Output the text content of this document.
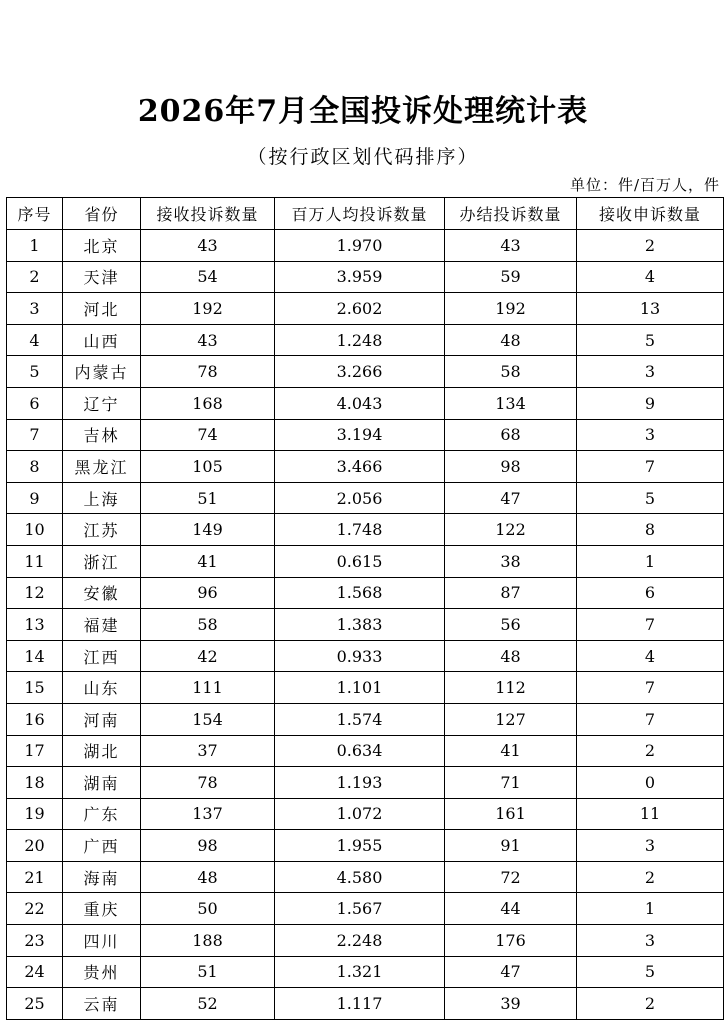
2026年7月全国投诉处理统计表
（按行政区划代码排序）
单位：件/百万人，件
序号	省份	接收投诉数量	百万人均投诉数量	办结投诉数量	接收申诉数量
1	北京	43	1.970	43	2
2	天津	54	3.959	59	4
3	河北	192	2.602	192	13
4	山西	43	1.248	48	5
5	内蒙古	78	3.266	58	3
6	辽宁	168	4.043	134	9
7	吉林	74	3.194	68	3
8	黑龙江	105	3.466	98	7
9	上海	51	2.056	47	5
10	江苏	149	1.748	122	8
11	浙江	41	0.615	38	1
12	安徽	96	1.568	87	6
13	福建	58	1.383	56	7
14	江西	42	0.933	48	4
15	山东	111	1.101	112	7
16	河南	154	1.574	127	7
17	湖北	37	0.634	41	2
18	湖南	78	1.193	71	0
19	广东	137	1.072	161	11
20	广西	98	1.955	91	3
21	海南	48	4.580	72	2
22	重庆	50	1.567	44	1
23	四川	188	2.248	176	3
24	贵州	51	1.321	47	5
25	云南	52	1.117	39	2
